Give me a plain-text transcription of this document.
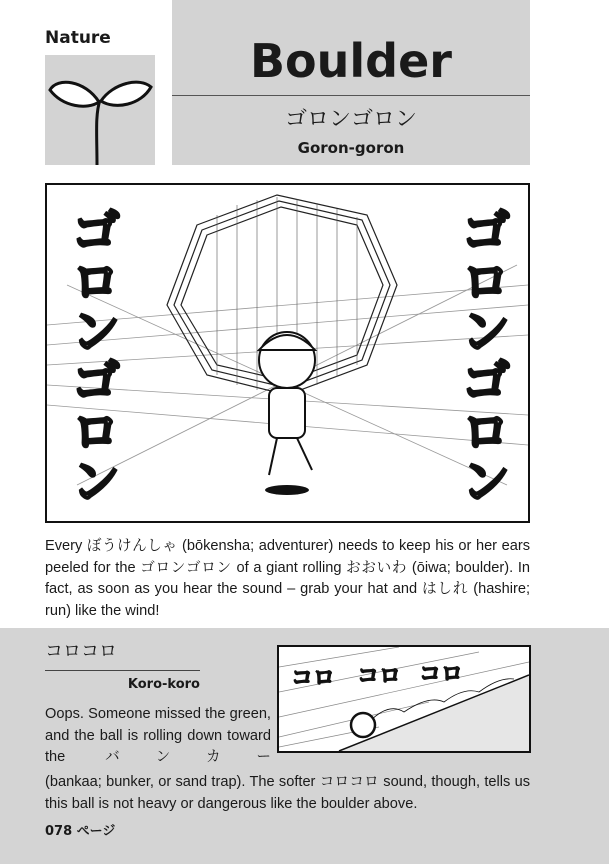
Nature	Boulder
ゴロンゴロン
Goron-goron
ゴロンゴロン	ゴロンゴロン
Every ぼうけんしゃ (bōkensha; adventurer) needs to keep his or her ears peeled for the ゴロンゴロン of a giant rolling おおいわ (ōiwa; boulder). In fact, as soon as you hear the sound – grab your hat and はしれ (hashire; run) like the wind!
コロコロ
Koro-koro	コロ コロ コロ
Oops. Someone missed the green, and the ball is rolling down toward the バンカー
(bankaa; bunker, or sand trap). The softer コロコロ sound, though, tells us this ball is not heavy or dangerous like the boulder above.
078 ページ
